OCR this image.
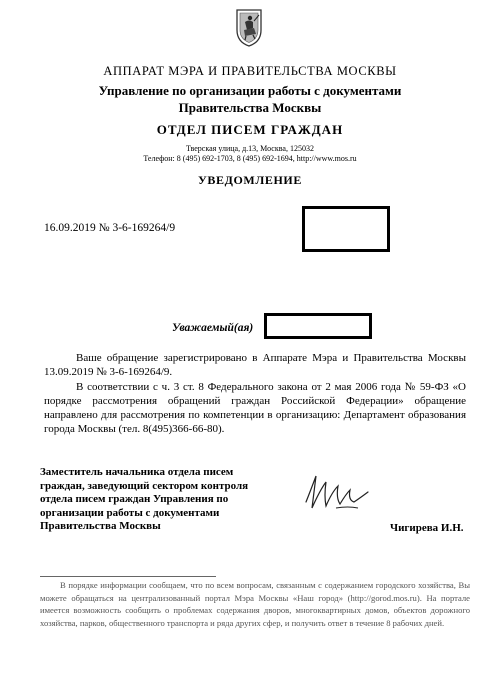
АППАРАТ МЭРА И ПРАВИТЕЛЬСТВА МОСКВЫ
Управление по организации работы с документами
Правительства Москвы
ОТДЕЛ ПИСЕМ ГРАЖДАН
Тверская улица, д.13, Москва, 125032
Телефон: 8 (495) 692-1703, 8 (495) 692-1694, http://www.mos.ru
УВЕДОМЛЕНИЕ
16.09.2019 № 3-6-169264/9
Уважаемый(ая)

Ваше обращение зарегистрировано в Аппарате Мэра и Правительства Москвы 13.09.2019 № 3-6-169264/9.

В соответствии с ч. 3 ст. 8 Федерального закона от 2 мая 2006 года № 59-ФЗ «О порядке рассмотрения обращений граждан Российской Федерации» обращение направлено для рассмотрения по компетенции в организацию: Департамент образования города Москвы (тел. 8(495)366-66-80).

Заместитель начальника отдела писем граждан, заведующий сектором контроля отдела писем граждан Управления по организации работы с документами Правительства Москвы	Чигирева И.Н.

В порядке информации сообщаем, что по всем вопросам, связанным с содержанием городского хозяйства, Вы можете обращаться на централизованный портал Мэра Москвы «Наш город» (http://gorod.mos.ru). На портале имеется возможность сообщить о проблемах содержания дворов, многоквартирных домов, объектов дорожного хозяйства, парков, общественного транспорта и ряда других сфер, и получить ответ в течение 8 рабочих дней.
